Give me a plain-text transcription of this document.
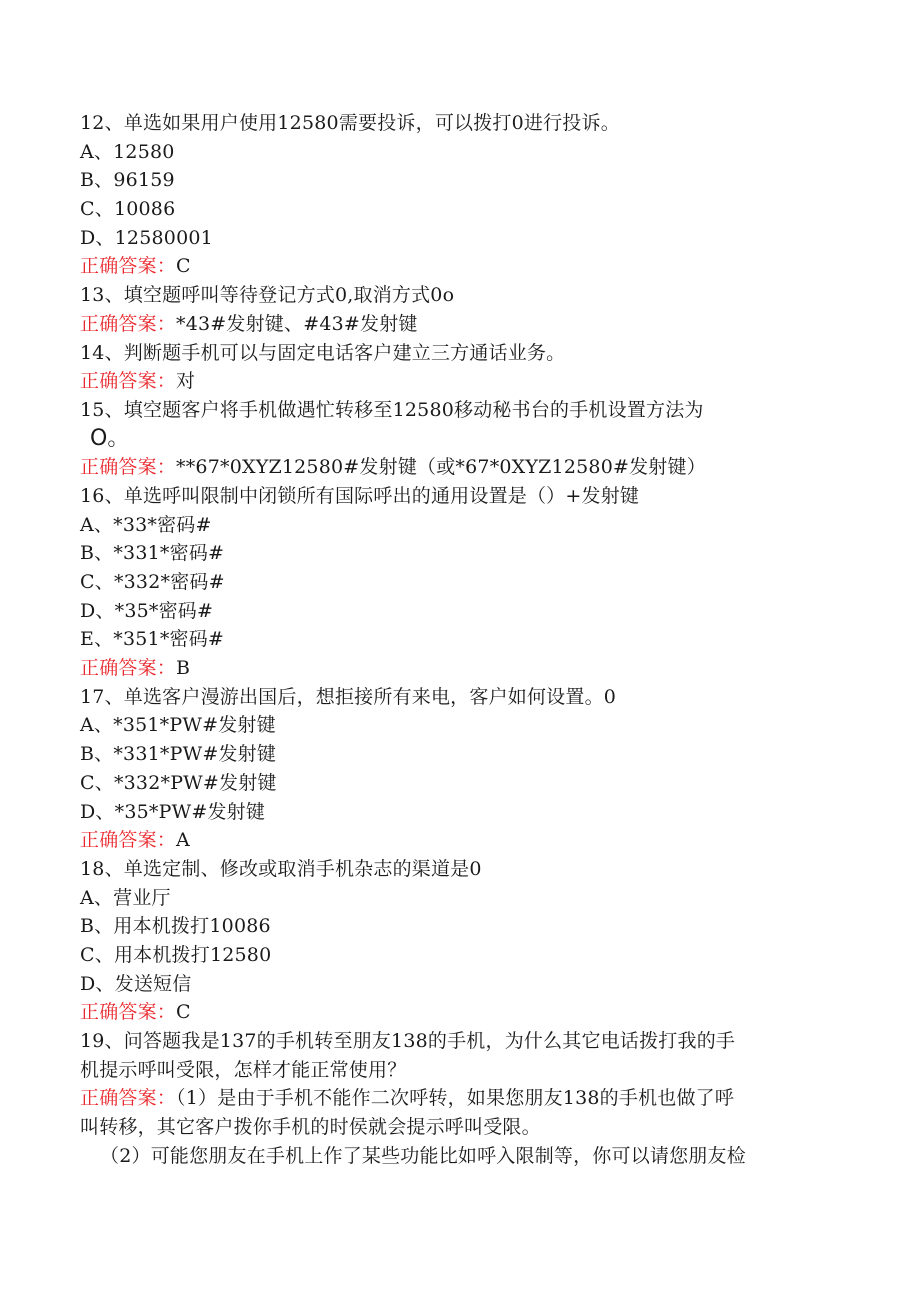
12、单选如果用户使用12580需要投诉，可以拨打0进行投诉。
A、12580
B、96159
C、10086
D、12580001
正确答案：C
13、填空题呼叫等待登记方式0,取消方式0o
正确答案：*43#发射键、#43#发射键
14、判断题手机可以与固定电话客户建立三方通话业务。
正确答案：对
15、填空题客户将手机做遇忙转移至12580移动秘书台的手机设置方法为
O。
正确答案：**67*0XYZ12580#发射键（或*67*0XYZ12580#发射键）
16、单选呼叫限制中闭锁所有国际呼出的通用设置是（）+发射键
A、*33*密码#
B、*331*密码#
C、*332*密码#
D、*35*密码#
E、*351*密码#
正确答案：B
17、单选客户漫游出国后，想拒接所有来电，客户如何设置。0
A、*351*PW#发射键
B、*331*PW#发射键
C、*332*PW#发射键
D、*35*PW#发射键
正确答案：A
18、单选定制、修改或取消手机杂志的渠道是0
A、营业厅
B、用本机拨打10086
C、用本机拨打12580
D、发送短信
正确答案：C
19、问答题我是137的手机转至朋友138的手机，为什么其它电话拨打我的手
机提示呼叫受限，怎样才能正常使用？
正确答案：（1）是由于手机不能作二次呼转，如果您朋友138的手机也做了呼
叫转移，其它客户拨你手机的时侯就会提示呼叫受限。
（2）可能您朋友在手机上作了某些功能比如呼入限制等，你可以请您朋友检
